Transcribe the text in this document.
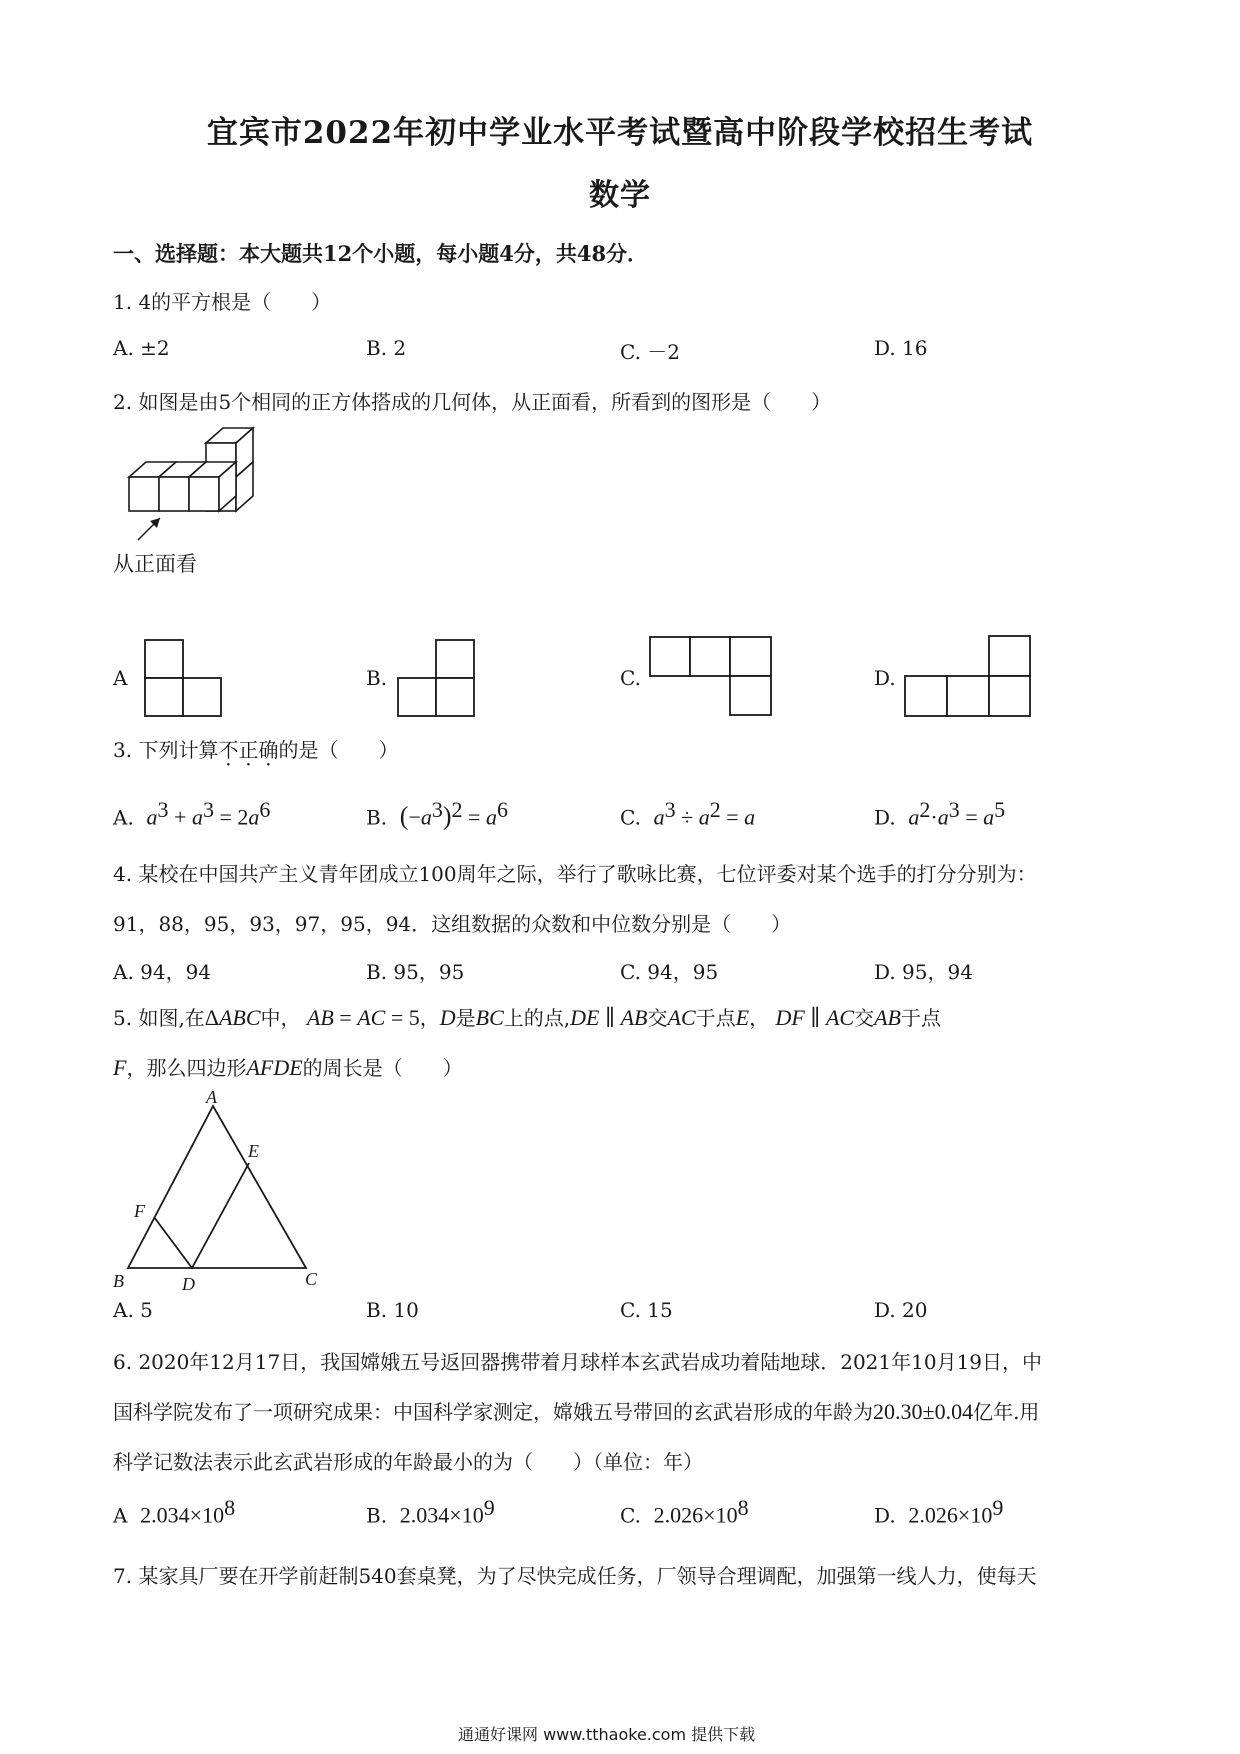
宜宾市2022年初中学业水平考试暨高中阶段学校招生考试
数学
一、选择题：本大题共12个小题，每小题4分，共48分．
1. 4的平方根是（　　）
A. ±2	B. 2	C. －2	D. 16
2. 如图是由5个相同的正方体搭成的几何体，从正面看，所看到的图形是（　　）
从正面看
A	B.	C.	D.
3. 下列计算不正确的是（　　）
A. $a^3 + a^3 = 2a^6$	B. $(-a^3)^2 = a^6$	C. $a^3 \div a^2 = a$	D. $a^2\cdot a^3 = a^5$
4. 某校在中国共产主义青年团成立100周年之际，举行了歌咏比赛，七位评委对某个选手的打分分别为：
91，88，95，93，97，95，94．这组数据的众数和中位数分别是（　　）
A. 94，94	B. 95，95	C. 94，95	D. 95，94
5. 如图,在ΔABC中， AB = AC = 5，D是BC上的点,DE ∥ AB交AC于点E， DF ∥ AC交AB于点
F，那么四边形AFDE的周长是（　　）
A
E
F
B	D	C
A. 5	B. 10	C. 15	D. 20
6. 2020年12月17日，我国嫦娥五号返回器携带着月球样本玄武岩成功着陆地球．2021年10月19日，中
国科学院发布了一项研究成果：中国科学家测定，嫦娥五号带回的玄武岩形成的年龄为20.30±0.04亿年.用
科学记数法表示此玄武岩形成的年龄最小的为（　　）（单位：年）
A $2.034\times 10^8$	B. $2.034\times 10^9$	C. $2.026\times 10^8$	D. $2.026\times 10^9$
7. 某家具厂要在开学前赶制540套桌凳，为了尽快完成任务，厂领导合理调配，加强第一线人力，使每天
通通好课网 www.tthaoke.com 提供下载
